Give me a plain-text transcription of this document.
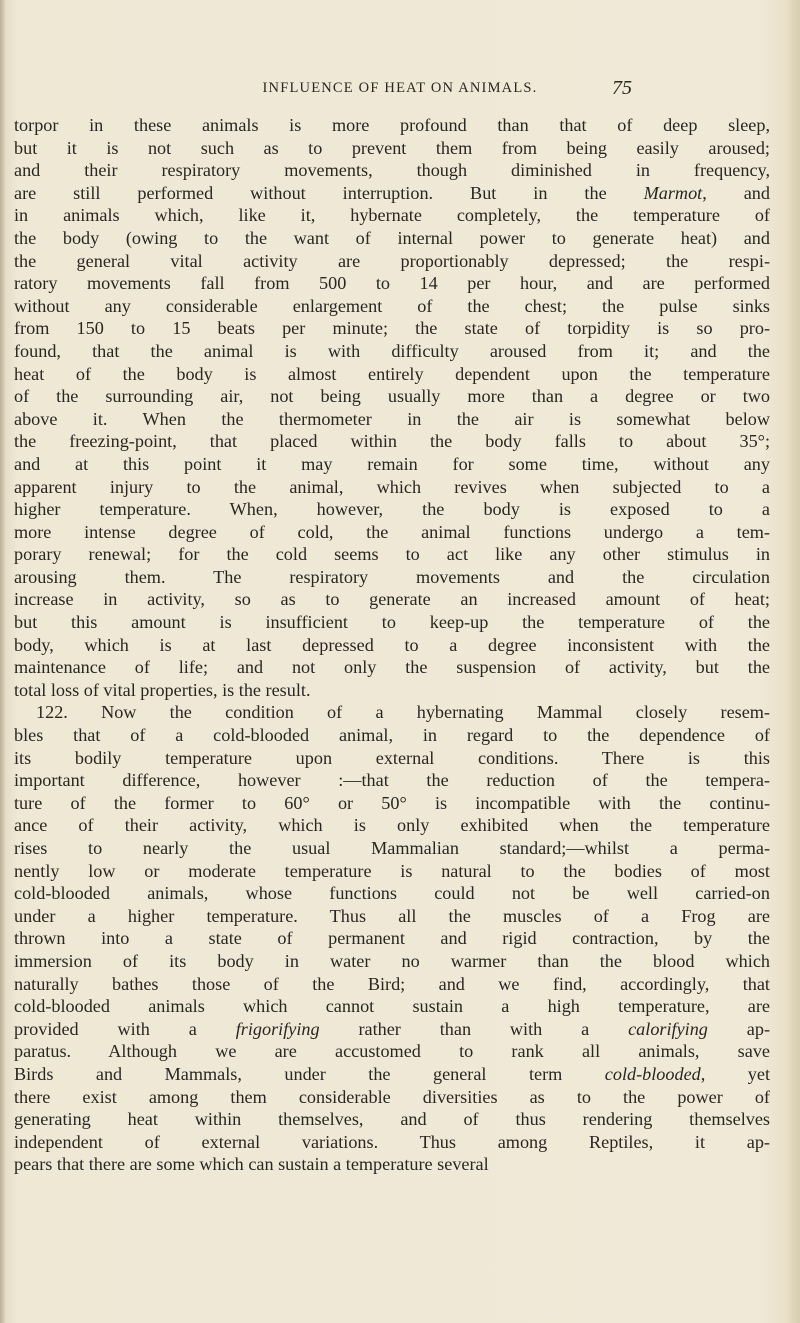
INFLUENCE OF HEAT ON ANIMALS.	75
torpor in these animals is more profound than that of deep sleep,
but it is not such as to prevent them from being easily aroused;
and their respiratory movements, though diminished in frequency,
are still performed without interruption. But in the Marmot, and
in animals which, like it, hybernate completely, the temperature of
the body (owing to the want of internal power to generate heat) and
the general vital activity are proportionably depressed; the respi-
ratory movements fall from 500 to 14 per hour, and are performed
without any considerable enlargement of the chest; the pulse sinks
from 150 to 15 beats per minute; the state of torpidity is so pro-
found, that the animal is with difficulty aroused from it; and the
heat of the body is almost entirely dependent upon the temperature
of the surrounding air, not being usually more than a degree or two
above it. When the thermometer in the air is somewhat below
the freezing-point, that placed within the body falls to about 35°;
and at this point it may remain for some time, without any
apparent injury to the animal, which revives when subjected to a
higher temperature. When, however, the body is exposed to a
more intense degree of cold, the animal functions undergo a tem-
porary renewal; for the cold seems to act like any other stimulus in
arousing them. The respiratory movements and the circulation
increase in activity, so as to generate an increased amount of heat;
but this amount is insufficient to keep-up the temperature of the
body, which is at last depressed to a degree inconsistent with the
maintenance of life; and not only the suspension of activity, but the
total loss of vital properties, is the result.
122. Now the condition of a hybernating Mammal closely resem-
bles that of a cold-blooded animal, in regard to the dependence of
its bodily temperature upon external conditions. There is this
important difference, however :—that the reduction of the tempera-
ture of the former to 60° or 50° is incompatible with the continu-
ance of their activity, which is only exhibited when the temperature
rises to nearly the usual Mammalian standard;—whilst a perma-
nently low or moderate temperature is natural to the bodies of most
cold-blooded animals, whose functions could not be well carried-on
under a higher temperature. Thus all the muscles of a Frog are
thrown into a state of permanent and rigid contraction, by the
immersion of its body in water no warmer than the blood which
naturally bathes those of the Bird; and we find, accordingly, that
cold-blooded animals which cannot sustain a high temperature, are
provided with a frigorifying rather than with a calorifying ap-
paratus. Although we are accustomed to rank all animals, save
Birds and Mammals, under the general term cold-blooded, yet
there exist among them considerable diversities as to the power of
generating heat within themselves, and of thus rendering themselves
independent of external variations. Thus among Reptiles, it ap-
pears that there are some which can sustain a temperature several
